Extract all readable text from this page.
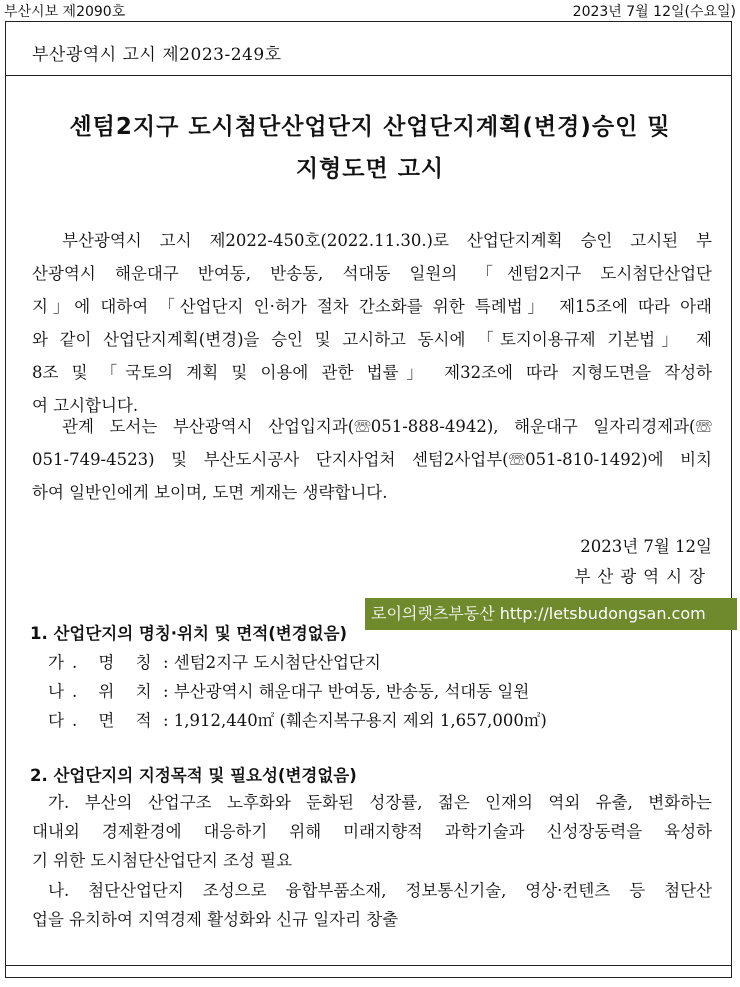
부산시보 제2090호	2023년 7월 12일(수요일)
부산광역시 고시 제2023-249호
센텀2지구 도시첨단산업단지 산업단지계획(변경)승인 및
지형도면 고시
부산광역시 고시 제2022-450호(2022.11.30.)로 산업단지계획 승인 고시된 부
산광역시 해운대구 반여동, 반송동, 석대동 일원의 「센텀2지구 도시첨단산업단
지」에 대하여 「산업단지 인·허가 절차 간소화를 위한 특례법」 제15조에 따라 아래
와 같이 산업단지계획(변경)을 승인 및 고시하고 동시에 「토지이용규제 기본법」 제
8조 및 「국토의 계획 및 이용에 관한 법률」 제32조에 따라 지형도면을 작성하
여 고시합니다.
관계 도서는 부산광역시 산업입지과(☏051-888-4942), 해운대구 일자리경제과(☏
051-749-4523) 및 부산도시공사 단지사업처 센텀2사업부(☏051-810-1492)에 비치
하여 일반인에게 보이며, 도면 게재는 생략합니다.
2023년 7월 12일
부산광역시장
로이의렛츠부동산 http://letsbudongsan.com
1. 산업단지의 명칭·위치 및 면적(변경없음)
가. 명 칭 : 센텀2지구 도시첨단산업단지
나. 위 치 : 부산광역시 해운대구 반여동, 반송동, 석대동 일원
다. 면 적 : 1,912,440㎡ (훼손지복구용지 제외 1,657,000㎡)
2. 산업단지의 지정목적 및 필요성(변경없음)
가. 부산의 산업구조 노후화와 둔화된 성장률, 젊은 인재의 역외 유출, 변화하는
대내외 경제환경에 대응하기 위해 미래지향적 과학기술과 신성장동력을 육성하
기 위한 도시첨단산업단지 조성 필요
나. 첨단산업단지 조성으로 융합부품소재, 정보통신기술, 영상·컨텐츠 등 첨단산
업을 유치하여 지역경제 활성화와 신규 일자리 창출
